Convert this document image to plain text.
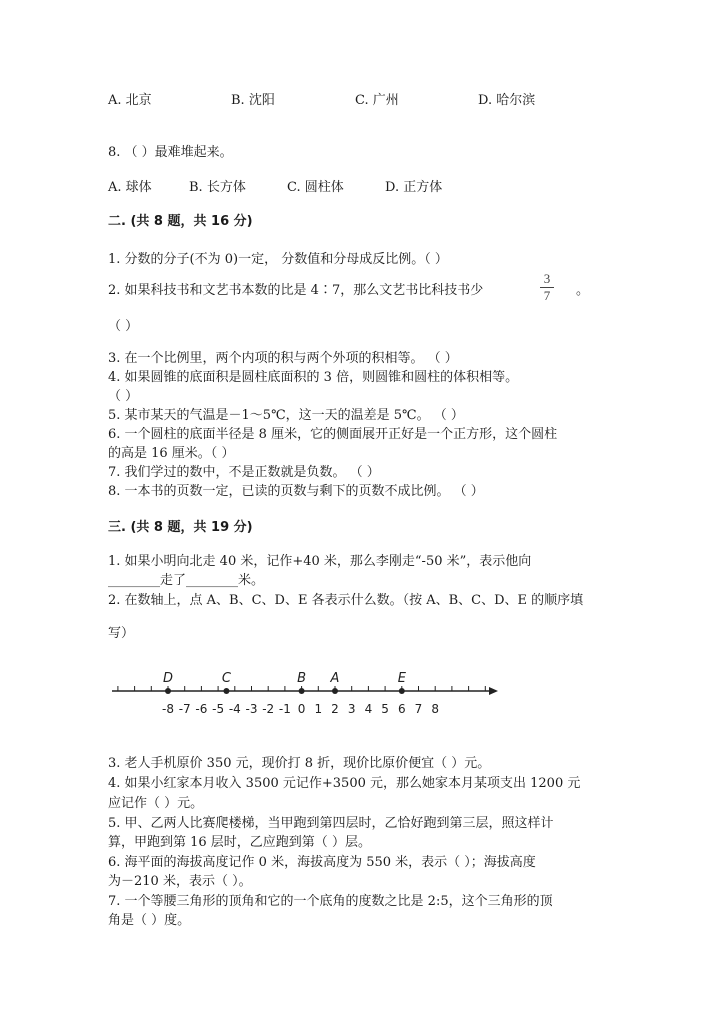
A. 北京	B. 沈阳	C. 广州	D. 哈尔滨
8. （ ）最难堆起来。
A. 球体	B. 长方体	C. 圆柱体	D. 正方体
二. (共 8 题，共 16 分)
1. 分数的分子(不为 0)一定， 分数值和分母成反比例。（ ）
2. 如果科技书和文艺书本数的比是 4∶7，那么文艺书比科技书少
3
7 。
（ ）
3. 在一个比例里，两个内项的积与两个外项的积相等。 （ ）
4. 如果圆锥的底面积是圆柱底面积的 3 倍，则圆锥和圆柱的体积相等。
（ ）
5. 某市某天的气温是－1～5℃，这一天的温差是 5℃。 （ ）
6. 一个圆柱的底面半径是 8 厘米，它的侧面展开正好是一个正方形，这个圆柱
的高是 16 厘米。（ ）
7. 我们学过的数中，不是正数就是负数。 （ ）
8. 一本书的页数一定，已读的页数与剩下的页数不成比例。 （ ）
三. (共 8 题，共 19 分)
1. 如果小明向北走 40 米，记作+40 米，那么李刚走“-50 米”，表示他向
________走了________米。
2. 在数轴上，点 A、B、C、D、E 各表示什么数。（按 A、B、C、D、E 的顺序填
写）
-8 -7 -6 -5 -4 -3 -2 -1 0 1 2 3 4 5 6 7 8
D	C	B A	E
3. 老人手机原价 350 元，现价打 8 折，现价比原价便宜（ ）元。
4. 如果小红家本月收入 3500 元记作+3500 元，那么她家本月某项支出 1200 元
应记作（ ）元。
5. 甲、乙两人比赛爬楼梯，当甲跑到第四层时，乙恰好跑到第三层，照这样计
算，甲跑到第 16 层时，乙应跑到第（ ）层。
6. 海平面的海拔高度记作 0 米，海拔高度为 550 米，表示（ ）；海拔高度
为－210 米，表示（ ）。
7. 一个等腰三角形的顶角和它的一个底角的度数之比是 2:5，这个三角形的顶
角是（ ）度。
